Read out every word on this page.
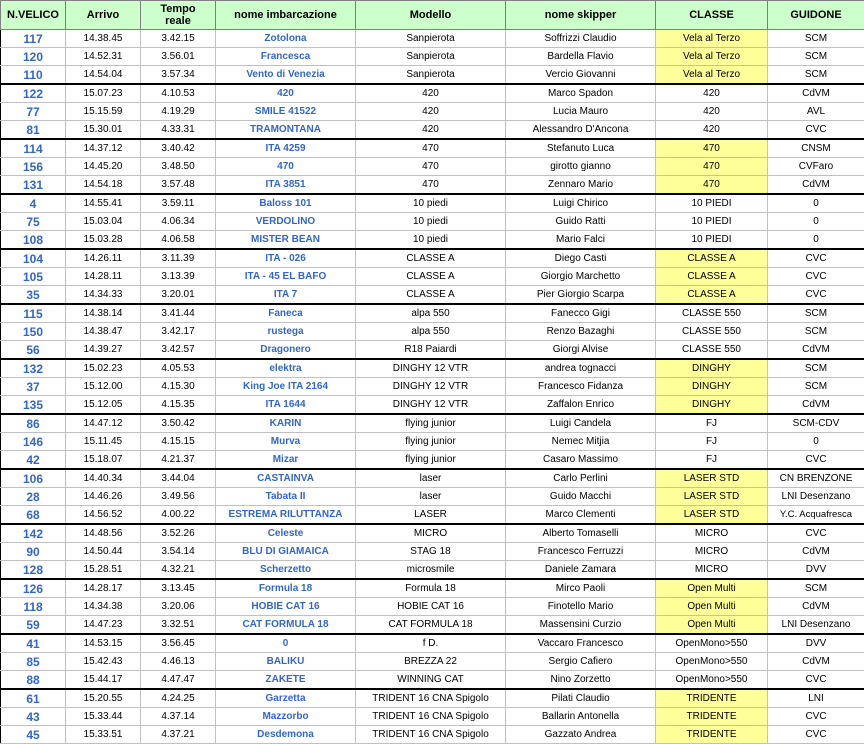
N.VELICO	Arrivo	Tempo reale	nome imbarcazione	Modello	nome skipper	CLASSE	GUIDONE
117	14.38.45	3.42.15	Zotolona	Sanpierota	Soffrizzi Claudio	Vela al Terzo	SCM
120	14.52.31	3.56.01	Francesca	Sanpierota	Bardella Flavio	Vela al Terzo	SCM
110	14.54.04	3.57.34	Vento di Venezia	Sanpierota	Vercio Giovanni	Vela al Terzo	SCM
122	15.07.23	4.10.53	420	420	Marco Spadon	420	CdVM
77	15.15.59	4.19.29	SMILE 41522	420	Lucia Mauro	420	AVL
81	15.30.01	4.33.31	TRAMONTANA	420	Alessandro D'Ancona	420	CVC
114	14.37.12	3.40.42	ITA 4259	470	Stefanuto Luca	470	CNSM
156	14.45.20	3.48.50	470	470	girotto gianno	470	CVFaro
131	14.54.18	3.57.48	ITA 3851	470	Zennaro Mario	470	CdVM
4	14.55.41	3.59.11	Baloss 101	10 piedi	Luigi Chirico	10 PIEDI	0
75	15.03.04	4.06.34	VERDOLINO	10 piedi	Guido Ratti	10 PIEDI	0
108	15.03.28	4.06.58	MISTER BEAN	10 piedi	Mario Falci	10 PIEDI	0
104	14.26.11	3.11.39	ITA - 026	CLASSE A	Diego Casti	CLASSE A	CVC
105	14.28.11	3.13.39	ITA - 45 EL BAFO	CLASSE A	Giorgio Marchetto	CLASSE A	CVC
35	14.34.33	3.20.01	ITA 7	CLASSE A	Pier Giorgio Scarpa	CLASSE A	CVC
115	14.38.14	3.41.44	Faneca	alpa 550	Fanecco Gigi	CLASSE 550	SCM
150	14.38.47	3.42.17	rustega	alpa 550	Renzo Bazaghi	CLASSE 550	SCM
56	14.39.27	3.42.57	Dragonero	R18 Paiardi	Giorgi Alvise	CLASSE 550	CdVM
132	15.02.23	4.05.53	elektra	DINGHY 12 VTR	andrea tognacci	DINGHY	SCM
37	15.12.00	4.15.30	King Joe ITA 2164	DINGHY 12 VTR	Francesco Fidanza	DINGHY	SCM
135	15.12.05	4.15.35	ITA 1644	DINGHY 12 VTR	Zaffalon Enrico	DINGHY	CdVM
86	14.47.12	3.50.42	KARIN	flying junior	Luigi Candela	FJ	SCM-CDV
146	15.11.45	4.15.15	Murva	flying junior	Nemec Mitjia	FJ	0
42	15.18.07	4.21.37	Mizar	flying junior	Casaro Massimo	FJ	CVC
106	14.40.34	3.44.04	CASTAINVA	laser	Carlo Perlini	LASER STD	CN BRENZONE
28	14.46.26	3.49.56	Tabata II	laser	Guido Macchi	LASER STD	LNI Desenzano
68	14.56.52	4.00.22	ESTREMA RILUTTANZA	LASER	Marco Clementi	LASER STD	Y.C. Acquafresca
142	14.48.56	3.52.26	Celeste	MICRO	Alberto Tomaselli	MICRO	CVC
90	14.50.44	3.54.14	BLU DI GIAMAICA	STAG 18	Francesco Ferruzzi	MICRO	CdVM
128	15.28.51	4.32.21	Scherzetto	microsmile	Daniele Zamara	MICRO	DVV
126	14.28.17	3.13.45	Formula 18	Formula 18	Mirco Paoli	Open Multi	SCM
118	14.34.38	3.20.06	HOBIE CAT 16	HOBIE CAT 16	Finotello Mario	Open Multi	CdVM
59	14.47.23	3.32.51	CAT FORMULA 18	CAT FORMULA 18	Massensini Curzio	Open Multi	LNI Desenzano
41	14.53.15	3.56.45	0	f D.	Vaccaro Francesco	OpenMono>550	DVV
85	15.42.43	4.46.13	BALIKU	BREZZA 22	Sergio Cafiero	OpenMono>550	CdVM
88	15.44.17	4.47.47	ZAKETE	WINNING CAT	Nino Zorzetto	OpenMono>550	CVC
61	15.20.55	4.24.25	Garzetta	TRIDENT 16 CNA Spigolo	Pilati Claudio	TRIDENTE	LNI
43	15.33.44	4.37.14	Mazzorbo	TRIDENT 16 CNA Spigolo	Ballarin Antonella	TRIDENTE	CVC
45	15.33.51	4.37.21	Desdemona	TRIDENT 16 CNA Spigolo	Gazzato Andrea	TRIDENTE	CVC
